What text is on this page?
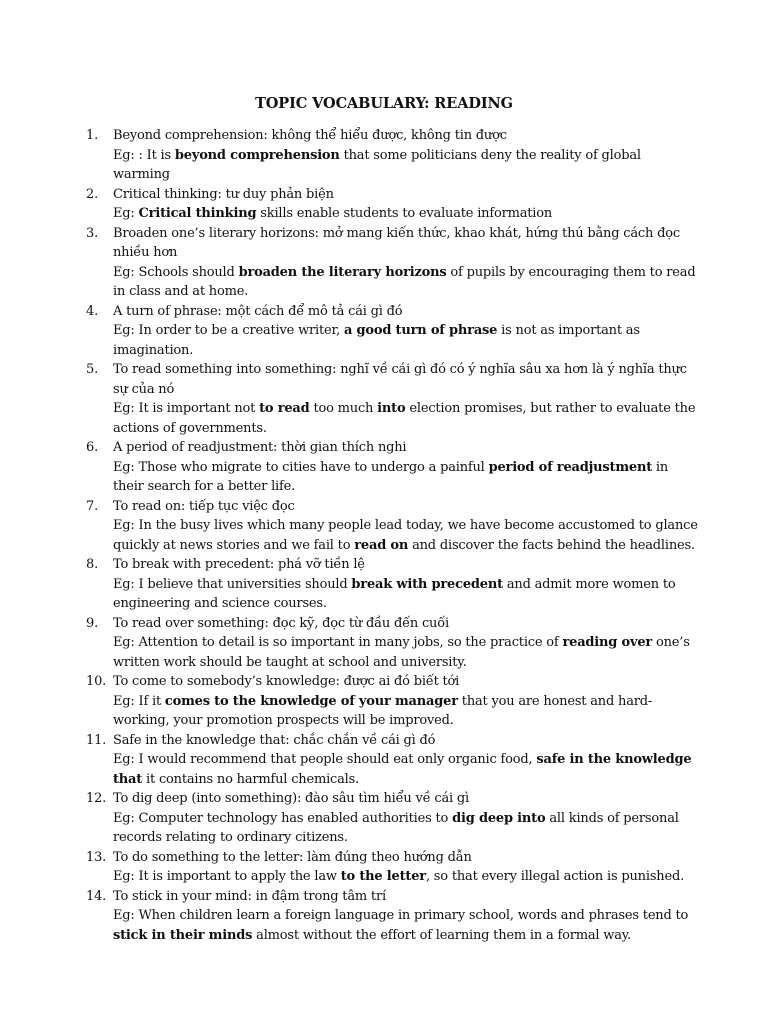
TOPIC VOCABULARY: READING
1.	Beyond comprehension: không thể hiểu được, không tin được
Eg: : It is beyond comprehension that some politicians deny the reality of global warming
2.	Critical thinking: tư duy phản biện
Eg: Critical thinking skills enable students to evaluate information
3.	Broaden one’s literary horizons: mở mang kiến thức, khao khát, hứng thú bằng cách đọc nhiều hơn
Eg: Schools should broaden the literary horizons of pupils by encouraging them to read in class and at home.
4.	A turn of phrase: một cách để mô tả cái gì đó
Eg: In order to be a creative writer, a good turn of phrase is not as important as imagination.
5.	To read something into something: nghĩ về cái gì đó có ý nghĩa sâu xa hơn là ý nghĩa thực sự của nó
Eg: It is important not to read too much into election promises, but rather to evaluate the actions of governments.
6.	A period of readjustment: thời gian thích nghi
Eg: Those who migrate to cities have to undergo a painful period of readjustment in their search for a better life.
7.	To read on: tiếp tục việc đọc
Eg: In the busy lives which many people lead today, we have become accustomed to glance quickly at news stories and we fail to read on and discover the facts behind the headlines.
8.	To break with precedent: phá vỡ tiền lệ
Eg: I believe that universities should break with precedent and admit more women to engineering and science courses.
9.	To read over something: đọc kỹ, đọc từ đầu đến cuối
Eg: Attention to detail is so important in many jobs, so the practice of reading over one’s written work should be taught at school and university.
10. To come to somebody’s knowledge: được ai đó biết tới
Eg: If it comes to the knowledge of your manager that you are honest and hard-working, your promotion prospects will be improved.
11. Safe in the knowledge that: chắc chắn về cái gì đó
Eg: I would recommend that people should eat only organic food, safe in the knowledge that it contains no harmful chemicals.
12. To dig deep (into something): đào sâu tìm hiểu về cái gì
Eg: Computer technology has enabled authorities to dig deep into all kinds of personal records relating to ordinary citizens.
13. To do something to the letter: làm đúng theo hướng dẫn
Eg: It is important to apply the law to the letter, so that every illegal action is punished.
14. To stick in your mind: in đậm trong tâm trí
Eg: When children learn a foreign language in primary school, words and phrases tend to stick in their minds almost without the effort of learning them in a formal way.
